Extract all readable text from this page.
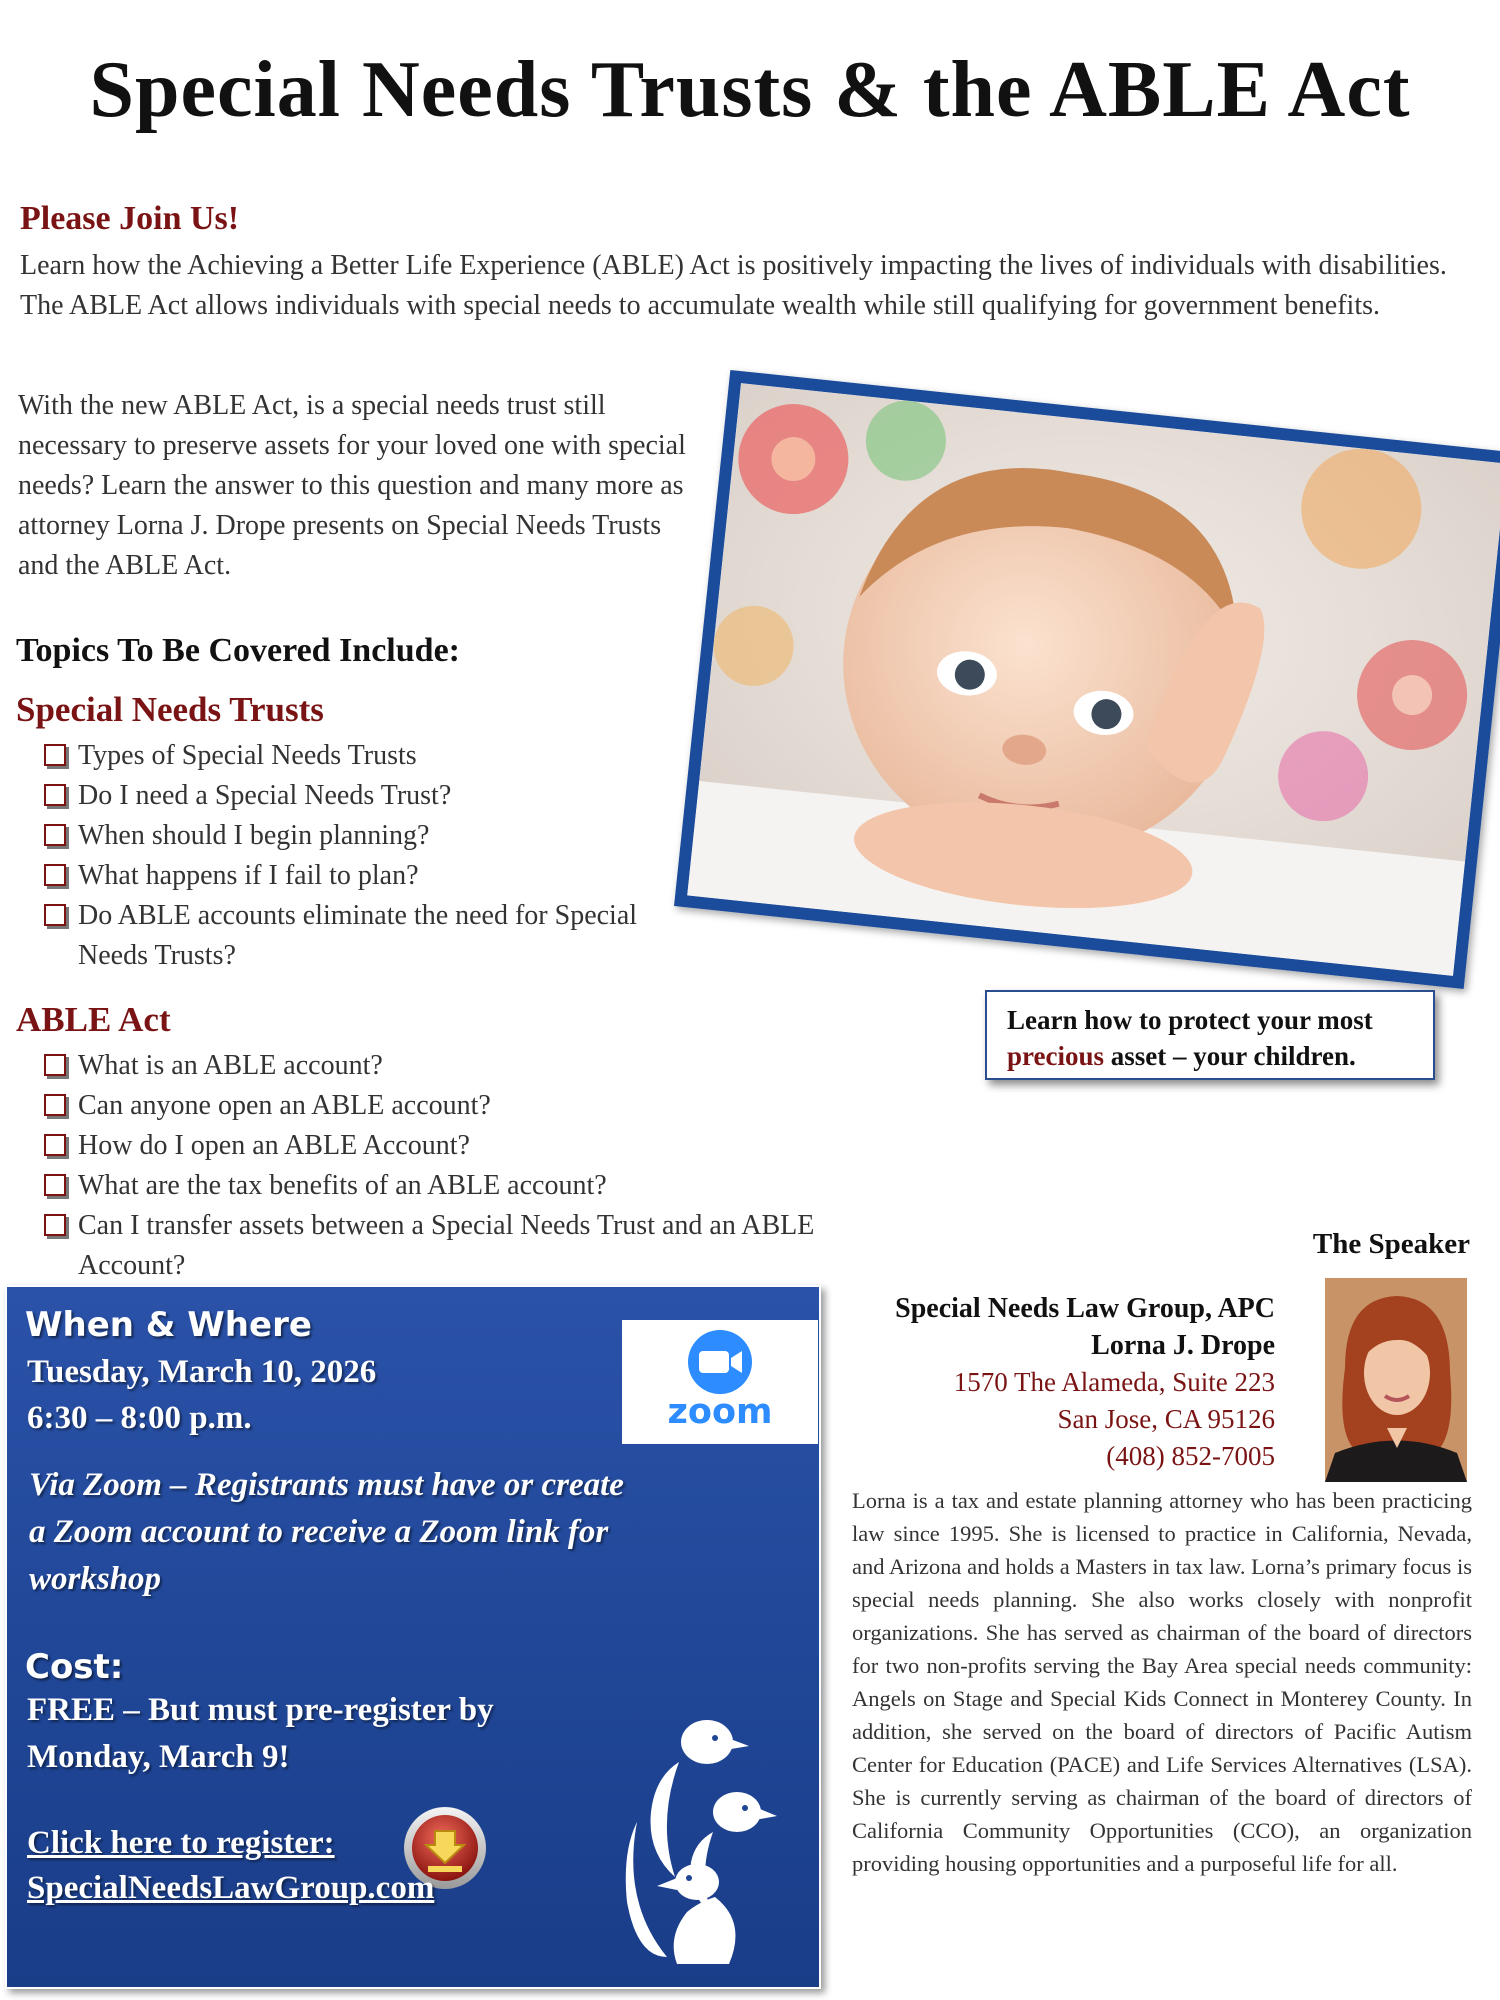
Special Needs Trusts & the ABLE Act
Please Join Us!
Learn how the Achieving a Better Life Experience (ABLE) Act is positively impacting the lives of individuals with disabilities. The ABLE Act allows individuals with special needs to accumulate wealth while still qualifying for government benefits.
With the new ABLE Act, is a special needs trust still necessary to preserve assets for your loved one with special needs? Learn the answer to this question and many more as attorney Lorna J. Drope presents on Special Needs Trusts and the ABLE Act.
Topics To Be Covered Include:
Special Needs Trusts
Types of Special Needs Trusts
Do I need a Special Needs Trust?
When should I begin planning?
What happens if I fail to plan?
Do ABLE accounts eliminate the need for Special Needs Trusts?
ABLE Act
What is an ABLE account?
Can anyone open an ABLE account?
How do I open an ABLE Account?
What are the tax benefits of an ABLE account?
Can I transfer assets between a Special Needs Trust and an ABLE Account?
Learn how to protect your most
precious asset – your children.
The Speaker
Special Needs Law Group, APC
Lorna J. Drope
1570 The Alameda, Suite 223
San Jose, CA 95126
(408) 852-7005
Lorna is a tax and estate planning attorney who has been practicing law since 1995. She is licensed to practice in California, Nevada, and Arizona and holds a Masters in tax law. Lorna’s primary focus is special needs planning. She also works closely with nonprofit organizations. She has served as chairman of the board of directors for two non-profits serving the Bay Area special needs community: Angels on Stage and Special Kids Connect in Monterey County. In addition, she served on the board of directors of Pacific Autism Center for Education (PACE) and Life Services Alternatives (LSA). She is currently serving as chairman of the board of directors of California Community Opportunities (CCO), an organization providing housing opportunities and a purposeful life for all.
When & Where
Tuesday, March 10, 2026
6:30 – 8:00 p.m.	zoom
Via Zoom – Registrants must have or create a Zoom account to receive a Zoom link for workshop
Cost:
FREE – But must pre-register by Monday, March 9!
Click here to register:
SpecialNeedsLawGroup.com
